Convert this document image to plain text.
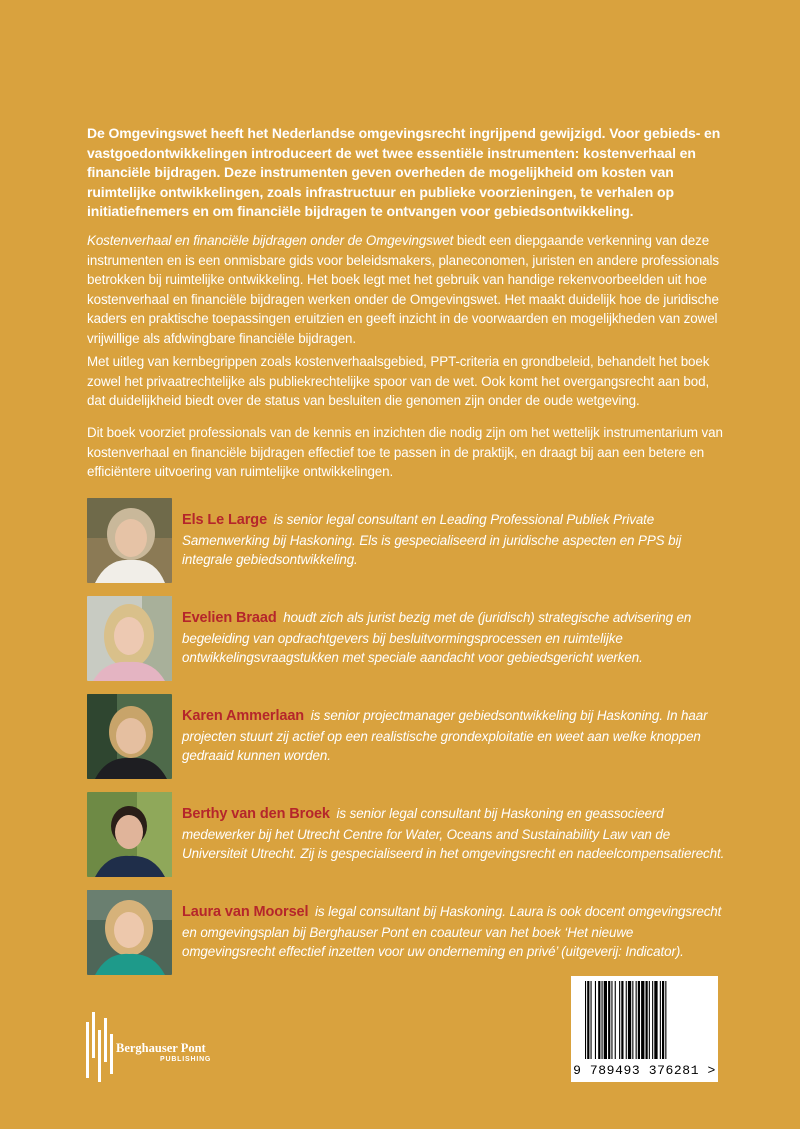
De Omgevingswet heeft het Nederlandse omgevingsrecht ingrijpend gewijzigd. Voor gebieds- en vastgoedontwikkelingen introduceert de wet twee essentiële instrumenten: kostenverhaal en financiële bijdragen. Deze instrumenten geven overheden de mogelijkheid om kosten van ruimtelijke ontwikkelingen, zoals infrastructuur en publieke voorzieningen, te verhalen op initiatiefnemers en om financiële bijdragen te ontvangen voor gebiedsontwikkeling.
Kostenverhaal en financiële bijdragen onder de Omgevingswet biedt een diepgaande verkenning van deze instrumenten en is een onmisbare gids voor beleidsmakers, planeconomen, juristen en andere professionals betrokken bij ruimtelijke ontwikkeling. Het boek legt met het gebruik van handige rekenvoorbeelden uit hoe kostenverhaal en financiële bijdragen werken onder de Omgevingswet. Het maakt duidelijk hoe de juridische kaders en praktische toepassingen eruitzien en geeft inzicht in de voorwaarden en mogelijkheden van zowel vrijwillige als afdwingbare financiële bijdragen.
Met uitleg van kernbegrippen zoals kostenverhaalsgebied, PPT-criteria en grondbeleid, behandelt het boek zowel het privaatrechtelijke als publiekrechtelijke spoor van de wet. Ook komt het overgangsrecht aan bod, dat duidelijkheid biedt over de status van besluiten die genomen zijn onder de oude wetgeving.
Dit boek voorziet professionals van de kennis en inzichten die nodig zijn om het wettelijk instrumentarium van kostenverhaal en financiële bijdragen effectief toe te passen in de praktijk, en draagt bij aan een betere en efficiëntere uitvoering van ruimtelijke ontwikkelingen.
Els Le Large is senior legal consultant en Leading Professional Publiek Private Samenwerking bij Haskoning. Els is gespecialiseerd in juridische aspecten en PPS bij integrale gebiedsontwikkeling.
Evelien Braad houdt zich als jurist bezig met de (juridisch) strategische advisering en begeleiding van opdrachtgevers bij besluitvormingsprocessen en ruimtelijke ontwikkelingsvraagstukken met speciale aandacht voor gebiedsgericht werken.
Karen Ammerlaan is senior projectmanager gebiedsontwikkeling bij Haskoning. In haar projecten stuurt zij actief op een realistische grondexploitatie en weet aan welke knoppen gedraaid kunnen worden.
Berthy van den Broek is senior legal consultant bij Haskoning en geassocieerd medewerker bij het Utrecht Centre for Water, Oceans and Sustainability Law van de Universiteit Utrecht. Zij is gespecialiseerd in het omgevingsrecht en nadeelcompensatierecht.
Laura van Moorsel is legal consultant bij Haskoning. Laura is ook docent omgevingsrecht en omgevingsplan bij Berghauser Pont en coauteur van het boek ‘Het nieuwe omgevingsrecht effectief inzetten voor uw onderneming en privé’ (uitgeverij: Indicator).
Berghauser Pont
PUBLISHING
9 789493 376281 >
